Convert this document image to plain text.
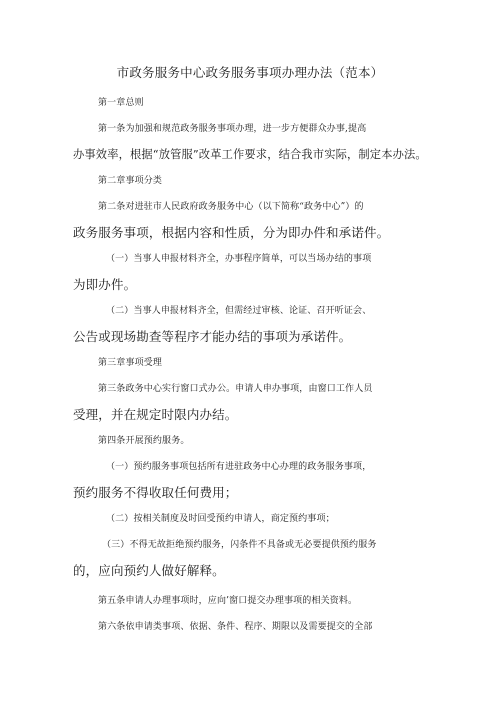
市政务服务中心政务服务事项办理办法（范本）

第一章总则

第一条为加强和规范政务服务事项办理，进一步方便群众办事,提高
办事效率，根据“放管服”改革工作要求，结合我市实际，制定本办法。

第二章事项分类

第二条对进驻市人民政府政务服务中心（以下简称“政务中心”）的
政务服务事项，根据内容和性质，分为即办件和承诺件。

（一）当事人申报材料齐全，办事程序简单，可以当场办结的事项
为即办件。

（二）当事人申报材料齐全，但需经过审核、论证、召开听证会、
公告或现场勘查等程序才能办结的事项为承诺件。

第三章事项受理

第三条政务中心实行窗口式办公。申请人申办事项，由窗口工作人员
受理，并在规定时限内办结。

第四条开展预约服务。

（一）预约服务事项包括所有进驻政务中心办理的政务服务事项，
预约服务不得收取任何费用；

（二）按相关制度及时回受预约申请人，商定预约事项；

（三）不得无故拒绝预约服务，闪条件不具备或无必要提供预约服务
的，应向预约人做好解释。

第五条申请人办理事项时，应向’窗口提交办理事项的相关资料。

第六条依申请类事项、依据、条件、程序、期限以及需要提交的全部
